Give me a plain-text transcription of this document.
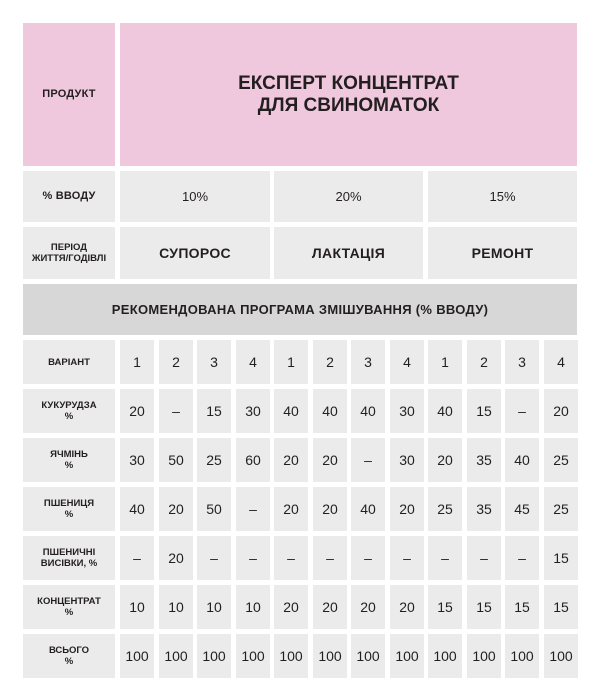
ПРОДУКТ
ЕКСПЕРТ КОНЦЕНТРАТ
ДЛЯ СВИНОМАТОК
% ВВОДУ	10%	20%	15%
ПЕРІОД
ЖИТТЯ/ГОДІВЛІ	СУПОРОС	ЛАКТАЦІЯ	РЕМОНТ
РЕКОМЕНДОВАНА ПРОГРАМА ЗМІШУВАННЯ (% ВВОДУ)
ВАРІАНТ	1 2 3 4 1 2 3 4 1 2 3 4
КУКУРУДЗА
%	20 – 15 30 40 40 40 30 40 15 – 20
ЯЧМІНЬ
%	30 50 25 60 20 20 – 30 20 35 40 25
ПШЕНИЦЯ
%	40 20 50 – 20 20 40 20 25 35 45 25
ПШЕНИЧНІ
ВИСІВКИ, %	– 20 – – – – – – – – – 15
КОНЦЕНТРАТ
%	10 10 10 10 20 20 20 20 15 15 15 15
ВСЬОГО
%	100 100 100 100 100 100 100 100 100 100 100 100
